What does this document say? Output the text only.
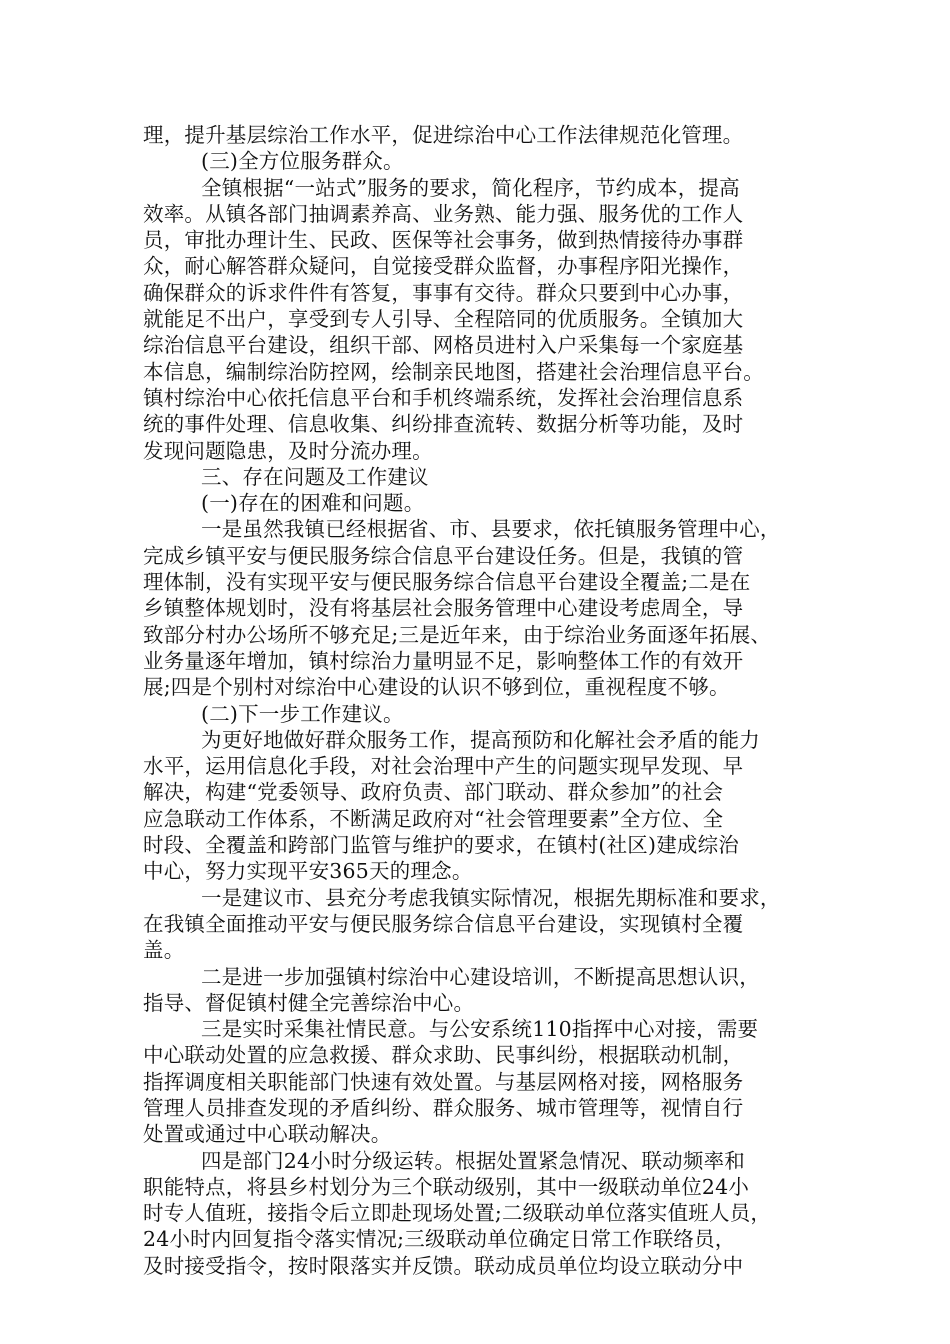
理，提升基层综治工作水平，促进综治中心工作法律规范化管理。
(三)全方位服务群众。
全镇根据“一站式”服务的要求，简化程序，节约成本，提高
效率。从镇各部门抽调素养高、业务熟、能力强、服务优的工作人
员，审批办理计生、民政、医保等社会事务，做到热情接待办事群
众，耐心解答群众疑问，自觉接受群众监督，办事程序阳光操作，
确保群众的诉求件件有答复，事事有交待。群众只要到中心办事，
就能足不出户，享受到专人引导、全程陪同的优质服务。全镇加大
综治信息平台建设，组织干部、网格员进村入户采集每一个家庭基
本信息，编制综治防控网，绘制亲民地图，搭建社会治理信息平台。
镇村综治中心依托信息平台和手机终端系统，发挥社会治理信息系
统的事件处理、信息收集、纠纷排查流转、数据分析等功能，及时
发现问题隐患，及时分流办理。
三、存在问题及工作建议
(一)存在的困难和问题。
一是虽然我镇已经根据省、市、县要求，依托镇服务管理中心，
完成乡镇平安与便民服务综合信息平台建设任务。但是，我镇的管
理体制，没有实现平安与便民服务综合信息平台建设全覆盖;二是在
乡镇整体规划时，没有将基层社会服务管理中心建设考虑周全，导
致部分村办公场所不够充足;三是近年来，由于综治业务面逐年拓展、
业务量逐年增加，镇村综治力量明显不足，影响整体工作的有效开
展;四是个别村对综治中心建设的认识不够到位，重视程度不够。
(二)下一步工作建议。
为更好地做好群众服务工作，提高预防和化解社会矛盾的能力
水平，运用信息化手段，对社会治理中产生的问题实现早发现、早
解决，构建“党委领导、政府负责、部门联动、群众参加”的社会
应急联动工作体系，不断满足政府对“社会管理要素”全方位、全
时段、全覆盖和跨部门监管与维护的要求，在镇村(社区)建成综治
中心，努力实现平安365天的理念。
一是建议市、县充分考虑我镇实际情况，根据先期标准和要求，
在我镇全面推动平安与便民服务综合信息平台建设，实现镇村全覆
盖。
二是进一步加强镇村综治中心建设培训，不断提高思想认识，
指导、督促镇村健全完善综治中心。
三是实时采集社情民意。与公安系统110指挥中心对接，需要
中心联动处置的应急救援、群众求助、民事纠纷，根据联动机制，
指挥调度相关职能部门快速有效处置。与基层网格对接，网格服务
管理人员排查发现的矛盾纠纷、群众服务、城市管理等，视情自行
处置或通过中心联动解决。
四是部门24小时分级运转。根据处置紧急情况、联动频率和
职能特点，将县乡村划分为三个联动级别，其中一级联动单位24小
时专人值班，接指令后立即赴现场处置;二级联动单位落实值班人员，
24小时内回复指令落实情况;三级联动单位确定日常工作联络员，
及时接受指令，按时限落实并反馈。联动成员单位均设立联动分中
